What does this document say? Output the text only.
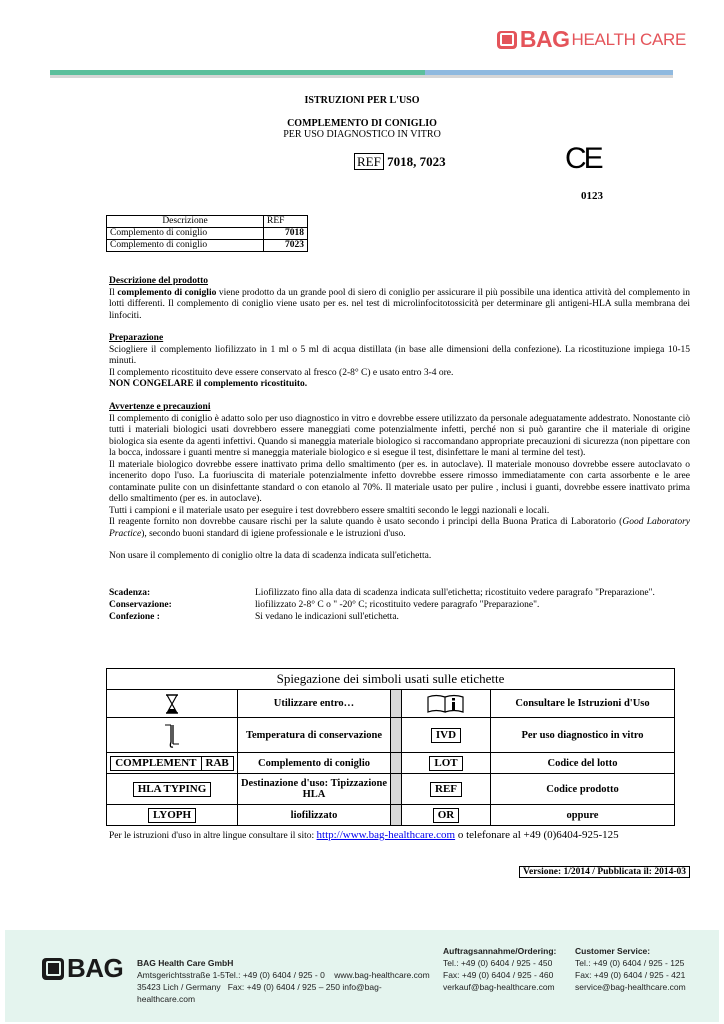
BAG HEALTH CARE
ISTRUZIONI PER L'USO
COMPLEMENTO DI CONIGLIO
PER USO DIAGNOSTICO IN VITRO
REF 7018, 7023	CE
0123
Descrizione	REF
Complemento di coniglio	7018
Complemento di coniglio	7023

Descrizione del prodotto

Il complemento di coniglio viene prodotto da un grande pool di siero di coniglio per assicurare il più possibile una identica attività del complemento in lotti differenti. Il complemento di coniglio viene usato per es. nel test di microlinfocitotossicità per determinare gli antigeni-HLA sulla membrana dei linfociti.

Preparazione

Sciogliere il complemento liofilizzato in 1 ml o 5 ml di acqua distillata (in base alle dimensioni della confezione). La ricostituzione impiega 10-15 minuti.

Il complemento ricostituito deve essere conservato al fresco (2-8° C) e usato entro 3-4 ore.

NON CONGELARE il complemento ricostituito.

Avvertenze e precauzioni

Il complemento di coniglio è adatto solo per uso diagnostico in vitro e dovrebbe essere utilizzato da personale adeguatamente addestrato. Nonostante ciò tutti i materiali biologici usati dovrebbero essere maneggiati come potenzialmente infetti, perché non si può garantire che il materiale di origine biologica sia esente da agenti infettivi. Quando si maneggia materiale biologico si raccomandano appropriate precauzioni di sicurezza (non pipettare con la bocca, indossare i guanti mentre si maneggia materiale biologico e si esegue il test, disinfettare le mani al termine del test).

Il materiale biologico dovrebbe essere inattivato prima dello smaltimento (per es. in autoclave). Il materiale monouso dovrebbe essere autoclavato o incenerito dopo l'uso. La fuoriuscita di materiale potenzialmente infetto dovrebbe essere rimosso immediatamente con carta assorbente e le aree contaminate pulite con un disinfettante standard o con etanolo al 70%. Il materiale usato per pulire , inclusi i guanti, dovrebbe essere inattivato prima dello smaltimento (per es. in autoclave).

Tutti i campioni e il materiale usato per eseguire i test dovrebbero essere smaltiti secondo le leggi nazionali e locali.

Il reagente fornito non dovrebbe causare rischi per la salute quando è usato secondo i principi della Buona Pratica di Laboratorio (Good Laboratory Practice), secondo buoni standard di igiene professionale e le istruzioni d'uso.

Non usare il complemento di coniglio oltre la data di scadenza indicata sull'etichetta.

Scadenza:	Liofilizzato fino alla data di scadenza indicata sull'etichetta; ricostituito vedere paragrafo "Preparazione".
Conservazione:	liofilizzato 2-8° C o " -20° C; ricostituito vedere paragrafo "Preparazione".
Confezione :	Si vedano le indicazioni sull'etichetta.
Spiegazione dei simboli usati sulle etichette
Utilizzare entro…	Consultare le Istruzioni d'Uso
Temperatura di conservazione	IVD	Per uso diagnostico in vitro
COMPLEMENT RAB	Complemento di coniglio	LOT	Codice del lotto
HLA TYPING	Destinazione d'uso: Tipizzazione HLA	REF	Codice prodotto
LYOPH	liofilizzato	OR	oppure
Per le istruzioni d'uso in altre lingue consultare il sito: http://www.bag-healthcare.com o telefonare al +49 (0)6404-925-125
Versione: 1/2014 / Pubblicata il: 2014-03
BAG BAG Health Care GmbH
Amtsgerichtsstraße 1-5Tel.: +49 (0) 6404 / 925 - 0 www.bag-healthcare.com
35423 Lich / Germany Fax: +49 (0) 6404 / 925 – 250 info@bag-healthcare.com
Auftragsannahme/Ordering:
Tel.: +49 (0) 6404 / 925 - 450
Fax: +49 (0) 6404 / 925 - 460
verkauf@bag-healthcare.com
Customer Service:
Tel.: +49 (0) 6404 / 925 - 125
Fax: +49 (0) 6404 / 925 - 421
service@bag-healthcare.com
